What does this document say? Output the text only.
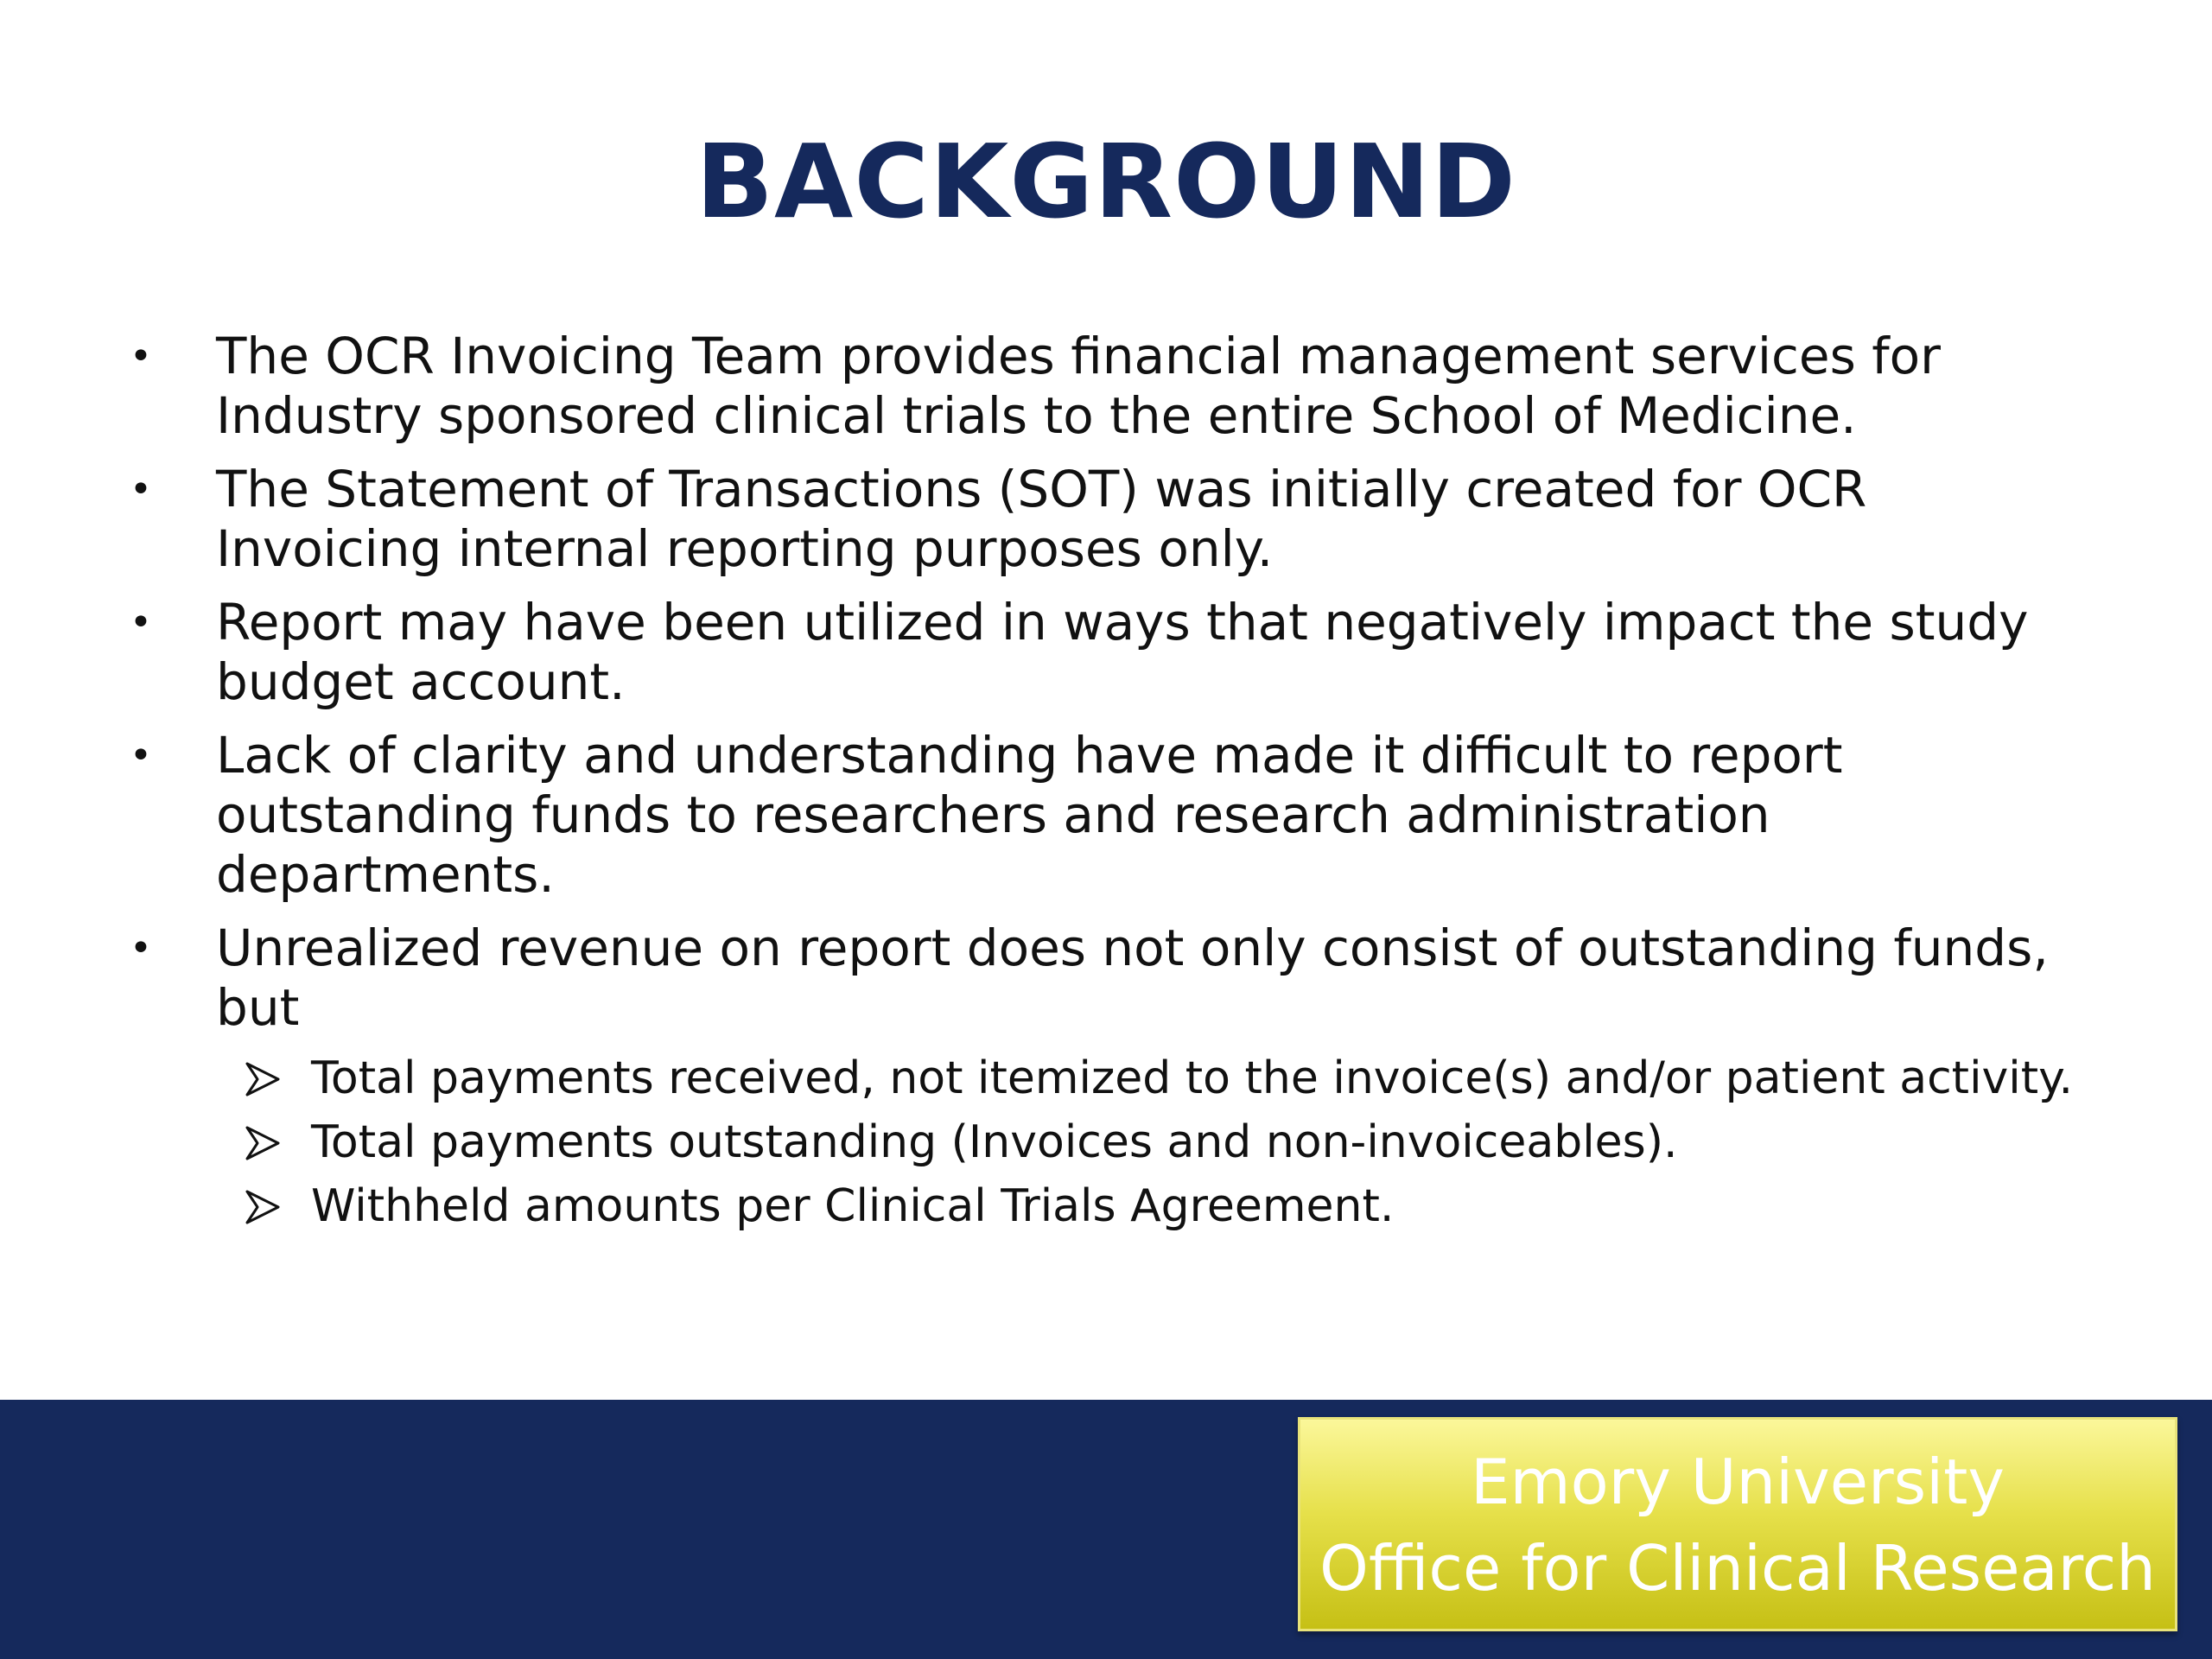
BACKGROUND
• The OCR Invoicing Team provides financial management services for Industry sponsored clinical trials to the entire School of Medicine.
• The Statement of Transactions (SOT) was initially created for OCR Invoicing internal reporting purposes only.
• Report may have been utilized in ways that negatively impact the study budget account.
• Lack of clarity and understanding have made it difficult to report outstanding funds to researchers and research administration departments.
• Unrealized revenue on report does not only consist of outstanding funds, but
Total payments received, not itemized to the invoice(s) and/or patient activity.
Total payments outstanding (Invoices and non-invoiceables).
Withheld amounts per Clinical Trials Agreement.
Emory University
Office for Clinical Research
